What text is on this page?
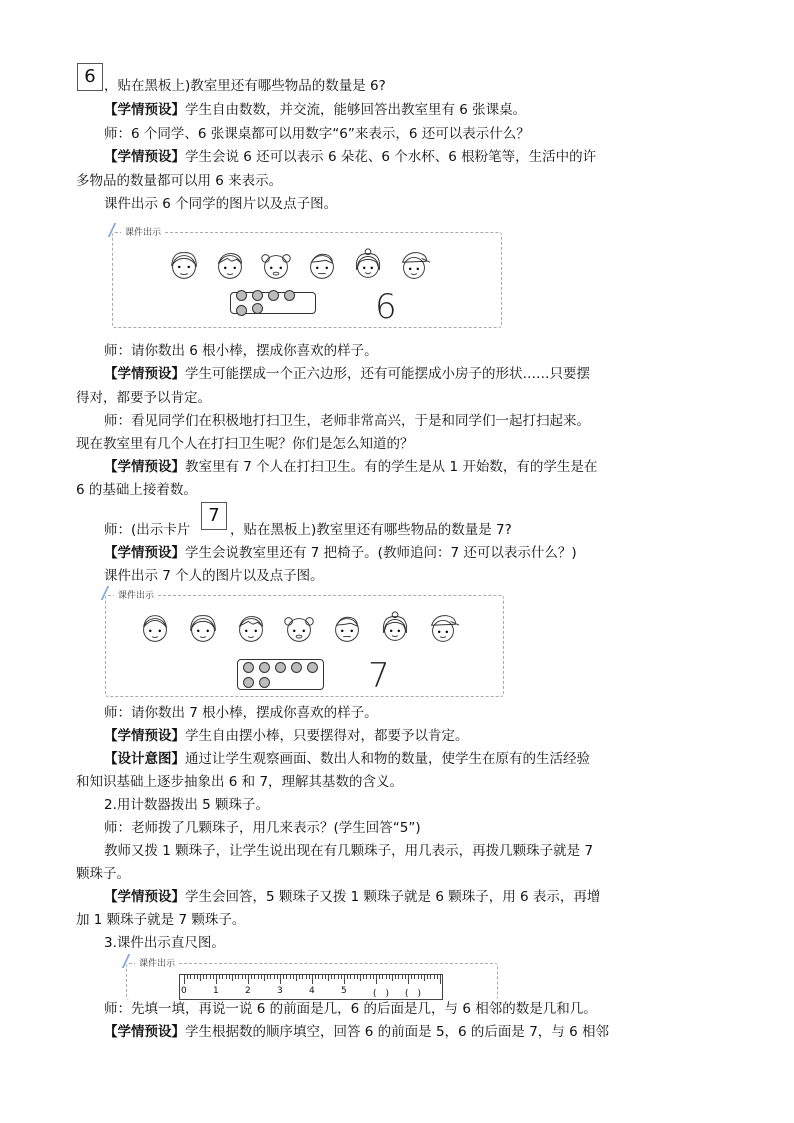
6 ，贴在黑板上)教室里还有哪些物品的数量是 6?
【学情预设】学生自由数数，并交流，能够回答出教室里有 6 张课桌。
师：6 个同学、6 张课桌都可以用数字“6”来表示，6 还可以表示什么？
【学情预设】学生会说 6 还可以表示 6 朵花、6 个水杯、6 根粉笔等，生活中的许
多物品的数量都可以用 6 来表示。
课件出示 6 个同学的图片以及点子图。
课件出示
6
师：请你数出 6 根小棒，摆成你喜欢的样子。
【学情预设】学生可能摆成一个正六边形，还有可能摆成小房子的形状……只要摆
得对，都要予以肯定。
师：看见同学们在积极地打扫卫生，老师非常高兴，于是和同学们一起打扫起来。
现在教室里有几个人在打扫卫生呢？你们是怎么知道的？
【学情预设】教室里有 7 个人在打扫卫生。有的学生是从 1 开始数，有的学生是在
6 的基础上接着数。
师：(出示卡片
7
，贴在黑板上)教室里还有哪些物品的数量是 7?
【学情预设】学生会说教室里还有 7 把椅子。(教师追问：7 还可以表示什么？)
课件出示 7 个人的图片以及点子图。
课件出示
7
师：请你数出 7 根小棒，摆成你喜欢的样子。
【学情预设】学生自由摆小棒，只要摆得对，都要予以肯定。
【设计意图】通过让学生观察画面、数出人和物的数量，使学生在原有的生活经验
和知识基础上逐步抽象出 6 和 7，理解其基数的含义。
2.用计数器拨出 5 颗珠子。
师：老师拨了几颗珠子，用几来表示？(学生回答“5”)
教师又拨 1 颗珠子，让学生说出现在有几颗珠子，用几表示，再拨几颗珠子就是 7
颗珠子。
【学情预设】学生会回答，5 颗珠子又拨 1 颗珠子就是 6 颗珠子，用 6 表示，再增
加 1 颗珠子就是 7 颗珠子。
3.课件出示直尺图。
课件出示
0	1	2	3	4	5	(　) (　)
师：先填一填，再说一说 6 的前面是几，6 的后面是几，与 6 相邻的数是几和几。
【学情预设】学生根据数的顺序填空，回答 6 的前面是 5，6 的后面是 7，与 6 相邻
